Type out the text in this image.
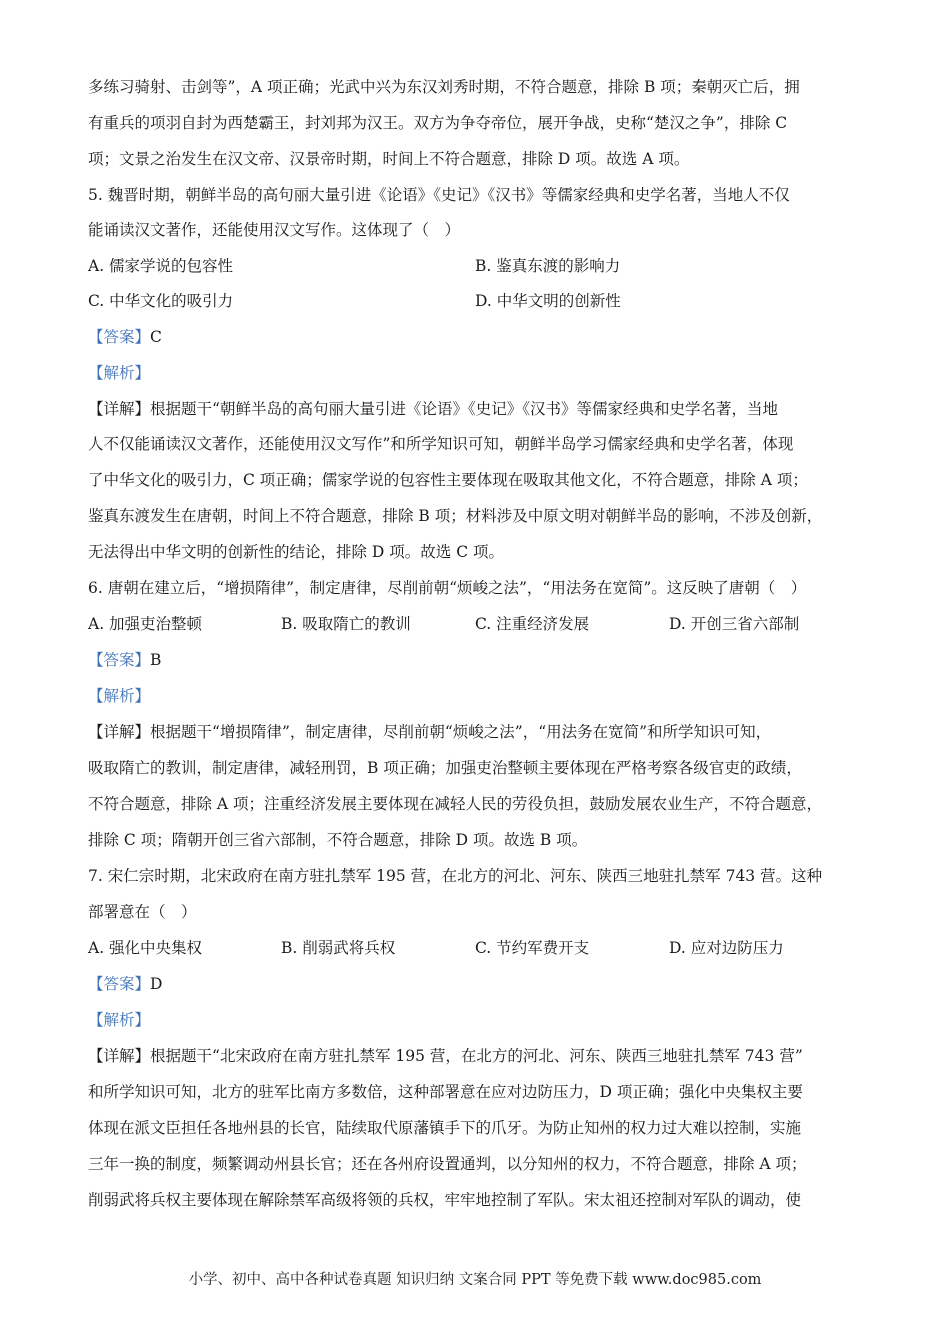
多练习骑射、击剑等”，A 项正确；光武中兴为东汉刘秀时期，不符合题意，排除 B 项；秦朝灭亡后，拥
有重兵的项羽自封为西楚霸王，封刘邦为汉王。双方为争夺帝位，展开争战，史称“楚汉之争”，排除 C
项；文景之治发生在汉文帝、汉景帝时期，时间上不符合题意，排除 D 项。故选 A 项。
5. 魏晋时期，朝鲜半岛的高句丽大量引进《论语》《史记》《汉书》等儒家经典和史学名著，当地人不仅
能诵读汉文著作，还能使用汉文写作。这体现了（　）
A. 儒家学说的包容性	B. 鉴真东渡的影响力
C. 中华文化的吸引力	D. 中华文明的创新性
【答案】C
【解析】
【详解】根据题干“朝鲜半岛的高句丽大量引进《论语》《史记》《汉书》等儒家经典和史学名著，当地
人不仅能诵读汉文著作，还能使用汉文写作”和所学知识可知，朝鲜半岛学习儒家经典和史学名著，体现
了中华文化的吸引力，C 项正确；儒家学说的包容性主要体现在吸取其他文化，不符合题意，排除 A 项；
鉴真东渡发生在唐朝，时间上不符合题意，排除 B 项；材料涉及中原文明对朝鲜半岛的影响，不涉及创新，
无法得出中华文明的创新性的结论，排除 D 项。故选 C 项。
6. 唐朝在建立后，“增损隋律”，制定唐律，尽削前朝“烦峻之法”，“用法务在宽简”。这反映了唐朝（　）
A. 加强吏治整顿	B. 吸取隋亡的教训	C. 注重经济发展	D. 开创三省六部制
【答案】B
【解析】
【详解】根据题干“增损隋律”，制定唐律，尽削前朝“烦峻之法”，“用法务在宽简”和所学知识可知，
吸取隋亡的教训，制定唐律，减轻刑罚，B 项正确；加强吏治整顿主要体现在严格考察各级官吏的政绩，
不符合题意，排除 A 项；注重经济发展主要体现在减轻人民的劳役负担，鼓励发展农业生产，不符合题意，
排除 C 项；隋朝开创三省六部制，不符合题意，排除 D 项。故选 B 项。
7. 宋仁宗时期，北宋政府在南方驻扎禁军 195 营，在北方的河北、河东、陕西三地驻扎禁军 743 营。这种
部署意在（　）
A. 强化中央集权	B. 削弱武将兵权	C. 节约军费开支	D. 应对边防压力
【答案】D
【解析】
【详解】根据题干“北宋政府在南方驻扎禁军 195 营，在北方的河北、河东、陕西三地驻扎禁军 743 营”
和所学知识可知，北方的驻军比南方多数倍，这种部署意在应对边防压力，D 项正确；强化中央集权主要
体现在派文臣担任各地州县的长官，陆续取代原藩镇手下的爪牙。为防止知州的权力过大难以控制，实施
三年一换的制度，频繁调动州县长官；还在各州府设置通判，以分知州的权力，不符合题意，排除 A 项；
削弱武将兵权主要体现在解除禁军高级将领的兵权，牢牢地控制了军队。宋太祖还控制对军队的调动，使
小学、初中、高中各种试卷真题 知识归纳 文案合同 PPT 等免费下载 www.doc985.com
